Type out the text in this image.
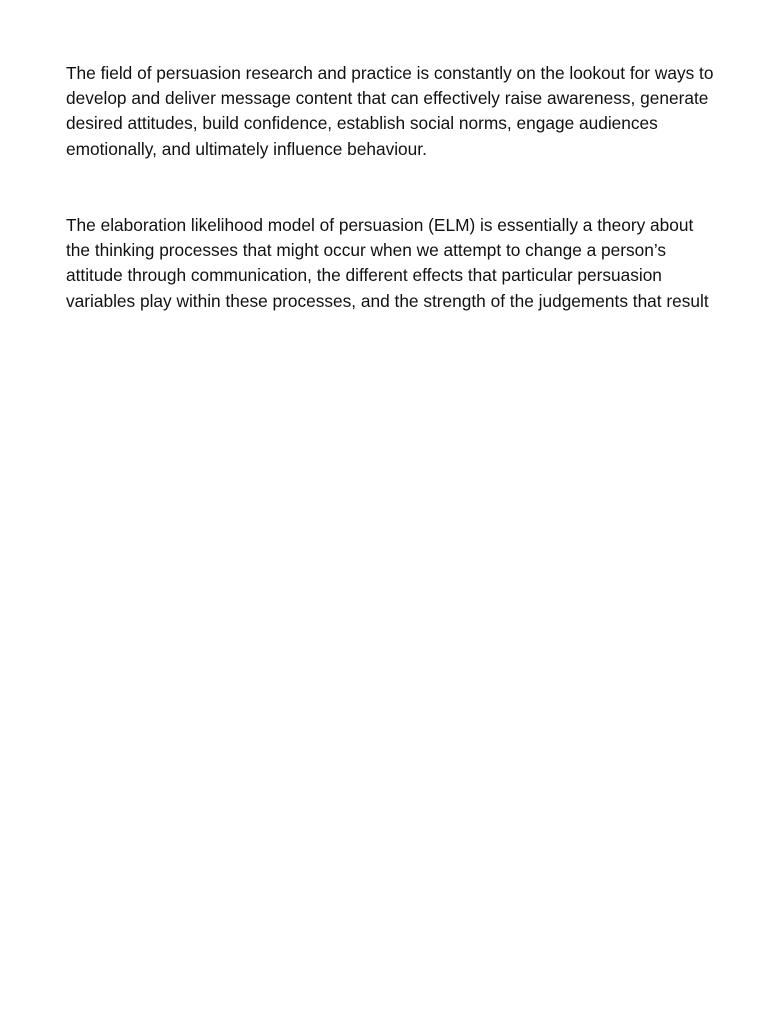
The field of persuasion research and practice is constantly on the lookout for ways to develop and deliver message content that can effectively raise awareness, generate desired attitudes, build confidence, establish social norms, engage audiences emotionally, and ultimately influence behaviour.

The elaboration likelihood model of persuasion (ELM) is essentially a theory about the thinking processes that might occur when we attempt to change a person’s attitude through communication, the different effects that particular persuasion variables play within these processes, and the strength of the judgements that result
